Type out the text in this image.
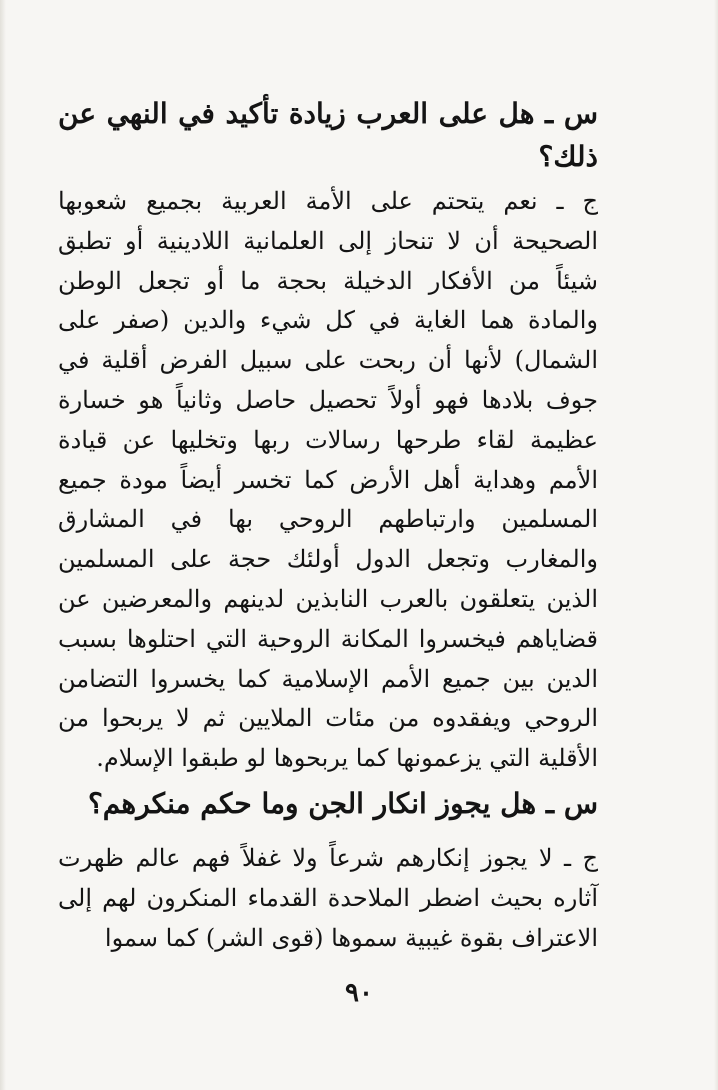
س ـ هل على العرب زيادة تأكيد في النهي عن ذلك؟

ج ـ نعم يتحتم على الأمة العربية بجميع شعوبها الصحيحة أن لا تنحاز إلى العلمانية اللادينية أو تطبق شيئاً من الأفكار الدخيلة بحجة ما أو تجعل الوطن والمادة هما الغاية في كل شيء والدين (صفر على الشمال) لأنها أن ربحت على سبيل الفرض أقلية في جوف بلادها فهو أولاً تحصيل حاصل وثانياً هو خسارة عظيمة لقاء طرحها رسالات ربها وتخليها عن قيادة الأمم وهداية أهل الأرض كما تخسر أيضاً مودة جميع المسلمين وارتباطهم الروحي بها في المشارق والمغارب وتجعل الدول أولئك حجة على المسلمين الذين يتعلقون بالعرب النابذين لدينهم والمعرضين عن قضاياهم فيخسروا المكانة الروحية التي احتلوها بسبب الدين بين جميع الأمم الإسلامية كما يخسروا التضامن الروحي ويفقدوه من مئات الملايين ثم لا يربحوا من الأقلية التي يزعمونها كما يربحوها لو طبقوا الإسلام.

س ـ هل يجوز انكار الجن وما حكم منكرهم؟

ج ـ لا يجوز إنكارهم شرعاً ولا غفلاً فهم عالم ظهرت آثاره بحيث اضطر الملاحدة القدماء المنكرون لهم إلى الاعتراف بقوة غيبية سموها (قوى الشر) كما سموا

٩٠
